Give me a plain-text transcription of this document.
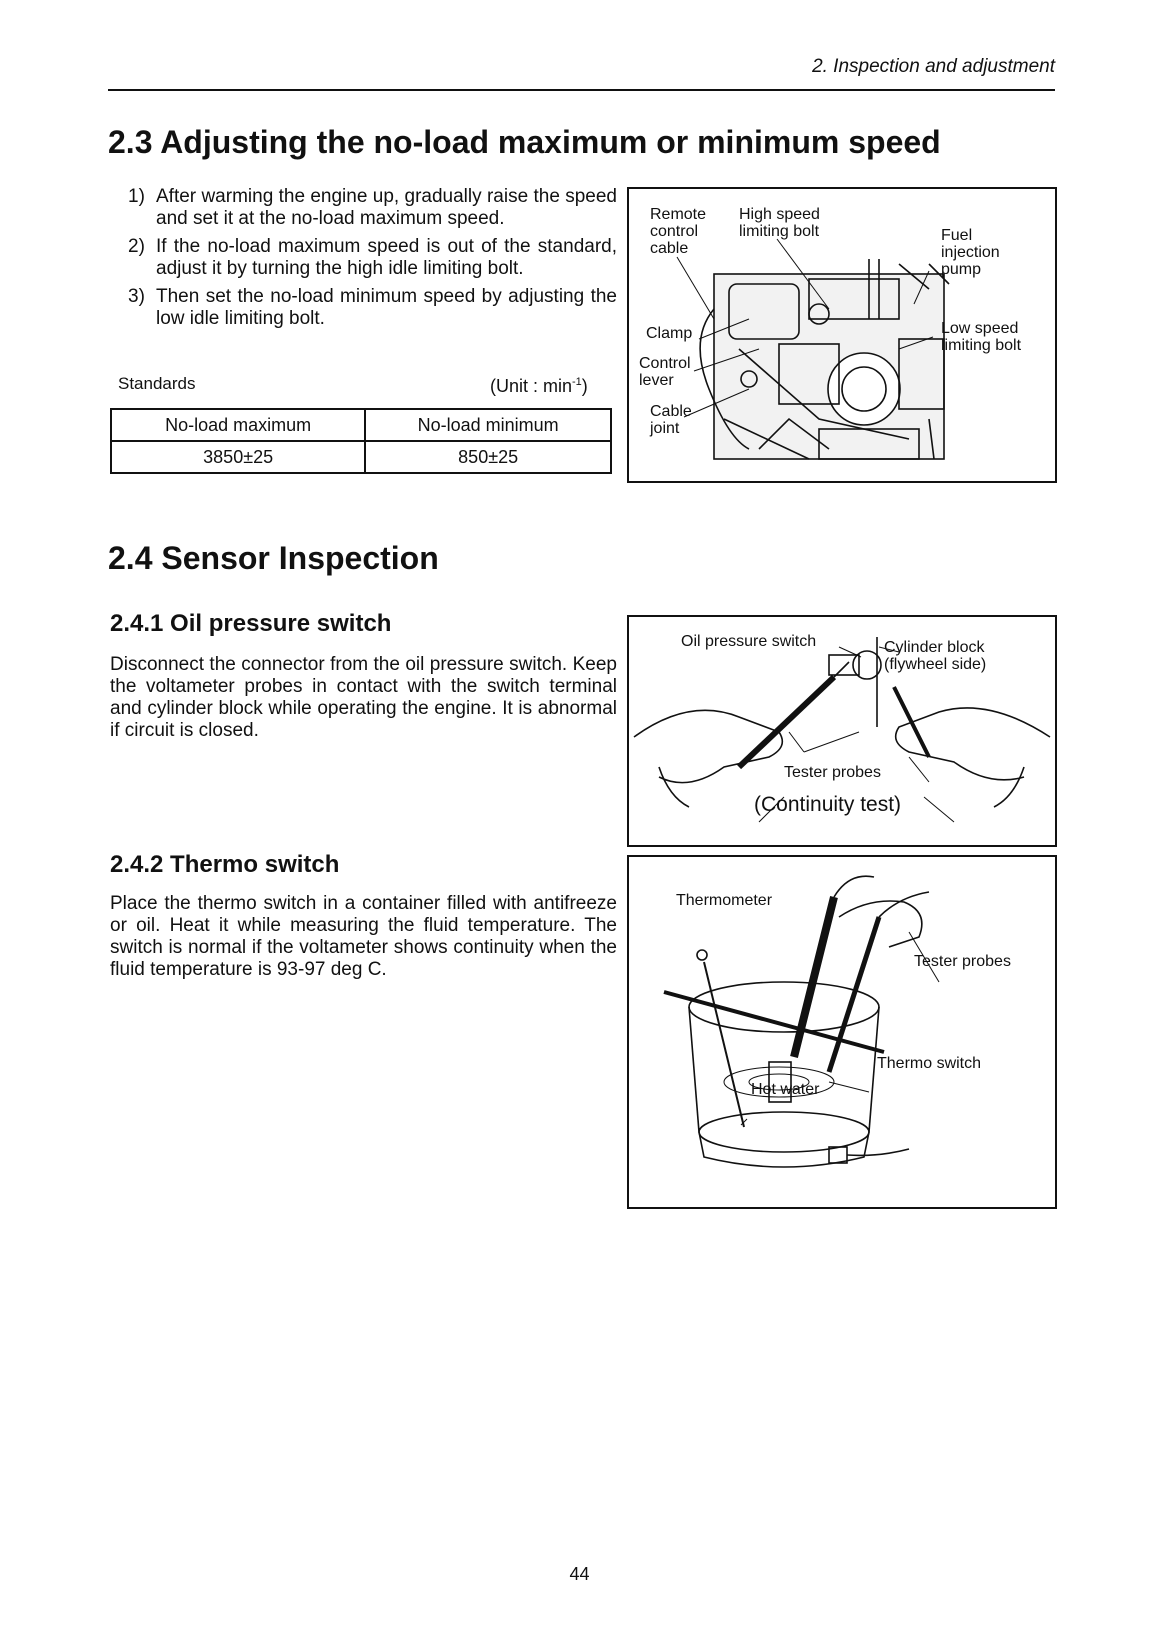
2. Inspection and adjustment
2.3 Adjusting the no-load maximum or minimum speed
1) After warming the engine up, gradually raise the speed and set it at the no-load maximum speed.
2) If the no-load maximum speed is out of the standard, adjust it by turning the high idle limiting bolt.
3) Then set the no-load minimum speed by adjusting the low idle limiting bolt.
Standards	(Unit : $\min^{-1}$)
No-load maximum	No-load minimum
3850±25	850±25
Remote
control
cable
High speed
limiting bolt	Fuel
injection
pump
Clamp	Low speed
limiting bolt
Control
lever
Cable
joint
2.4 Sensor Inspection
2.4.1 Oil pressure switch

Disconnect the connector from the oil pressure switch. Keep the voltameter probes in contact with the switch terminal and cylinder block while operating the engine. It is abnormal if circuit is closed.

Oil pressure switch	Cylinder block
(flywheel side)
Tester probes
(Continuity test)
2.4.2 Thermo switch

Place the thermo switch in a container filled with antifreeze or oil. Heat it while measuring the fluid temperature. The switch is normal if the voltameter shows continuity when the fluid temperature is 93-97 deg C.

Thermometer
Tester probes
Thermo switch
Hot water
44
